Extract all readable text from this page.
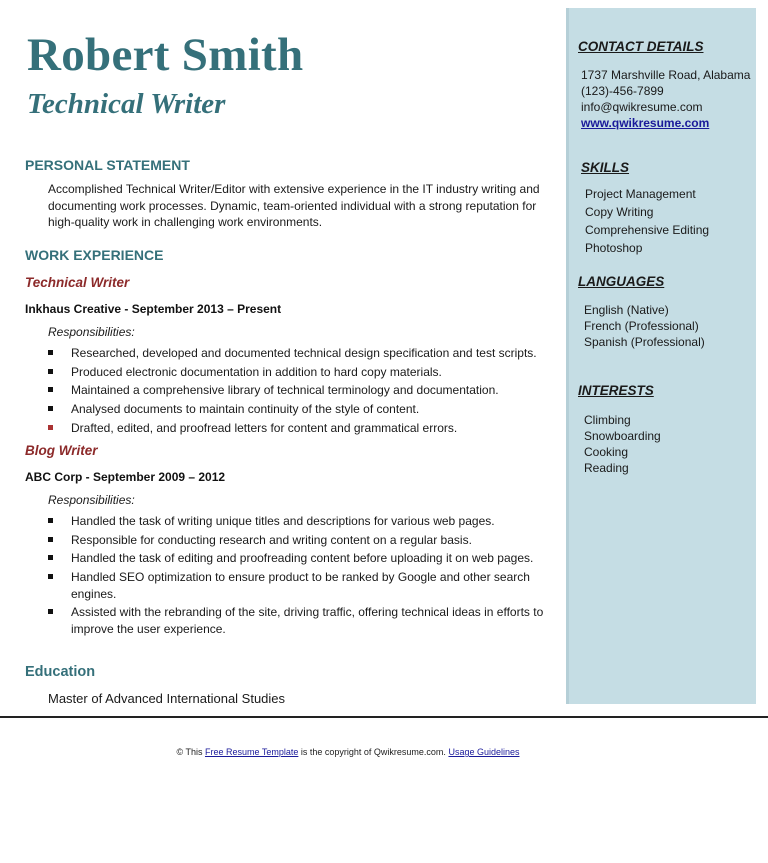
Robert Smith
Technical Writer
PERSONAL STATEMENT

Accomplished Technical Writer/Editor with extensive experience in the IT industry writing and documenting work processes. Dynamic, team-oriented individual with a strong reputation for high-quality work in challenging work environments.

WORK EXPERIENCE
Technical Writer
Inkhaus Creative - September 2013 – Present
Responsibilities:
Researched, developed and documented technical design specification and test scripts.
Produced electronic documentation in addition to hard copy materials.
Maintained a comprehensive library of technical terminology and documentation.
Analysed documents to maintain continuity of the style of content.
Drafted, edited, and proofread letters for content and grammatical errors.
Blog Writer
ABC Corp - September 2009 – 2012
Responsibilities:
Handled the task of writing unique titles and descriptions for various web pages.
Responsible for conducting research and writing content on a regular basis.
Handled the task of editing and proofreading content before uploading it on web pages.
Handled SEO optimization to ensure product to be ranked by Google and other search engines.
Assisted with the rebranding of the site, driving traffic, offering technical ideas in efforts to improve the user experience.
Education
Master of Advanced International Studies
CONTACT DETAILS
1737 Marshville Road, Alabama
(123)-456-7899
info@qwikresume.com
www.qwikresume.com
SKILLS
Project Management
Copy Writing
Comprehensive Editing
Photoshop
LANGUAGES
English (Native)
French (Professional)
Spanish (Professional)
INTERESTS
Climbing
Snowboarding
Cooking
Reading
© This Free Resume Template is the copyright of Qwikresume.com. Usage Guidelines
